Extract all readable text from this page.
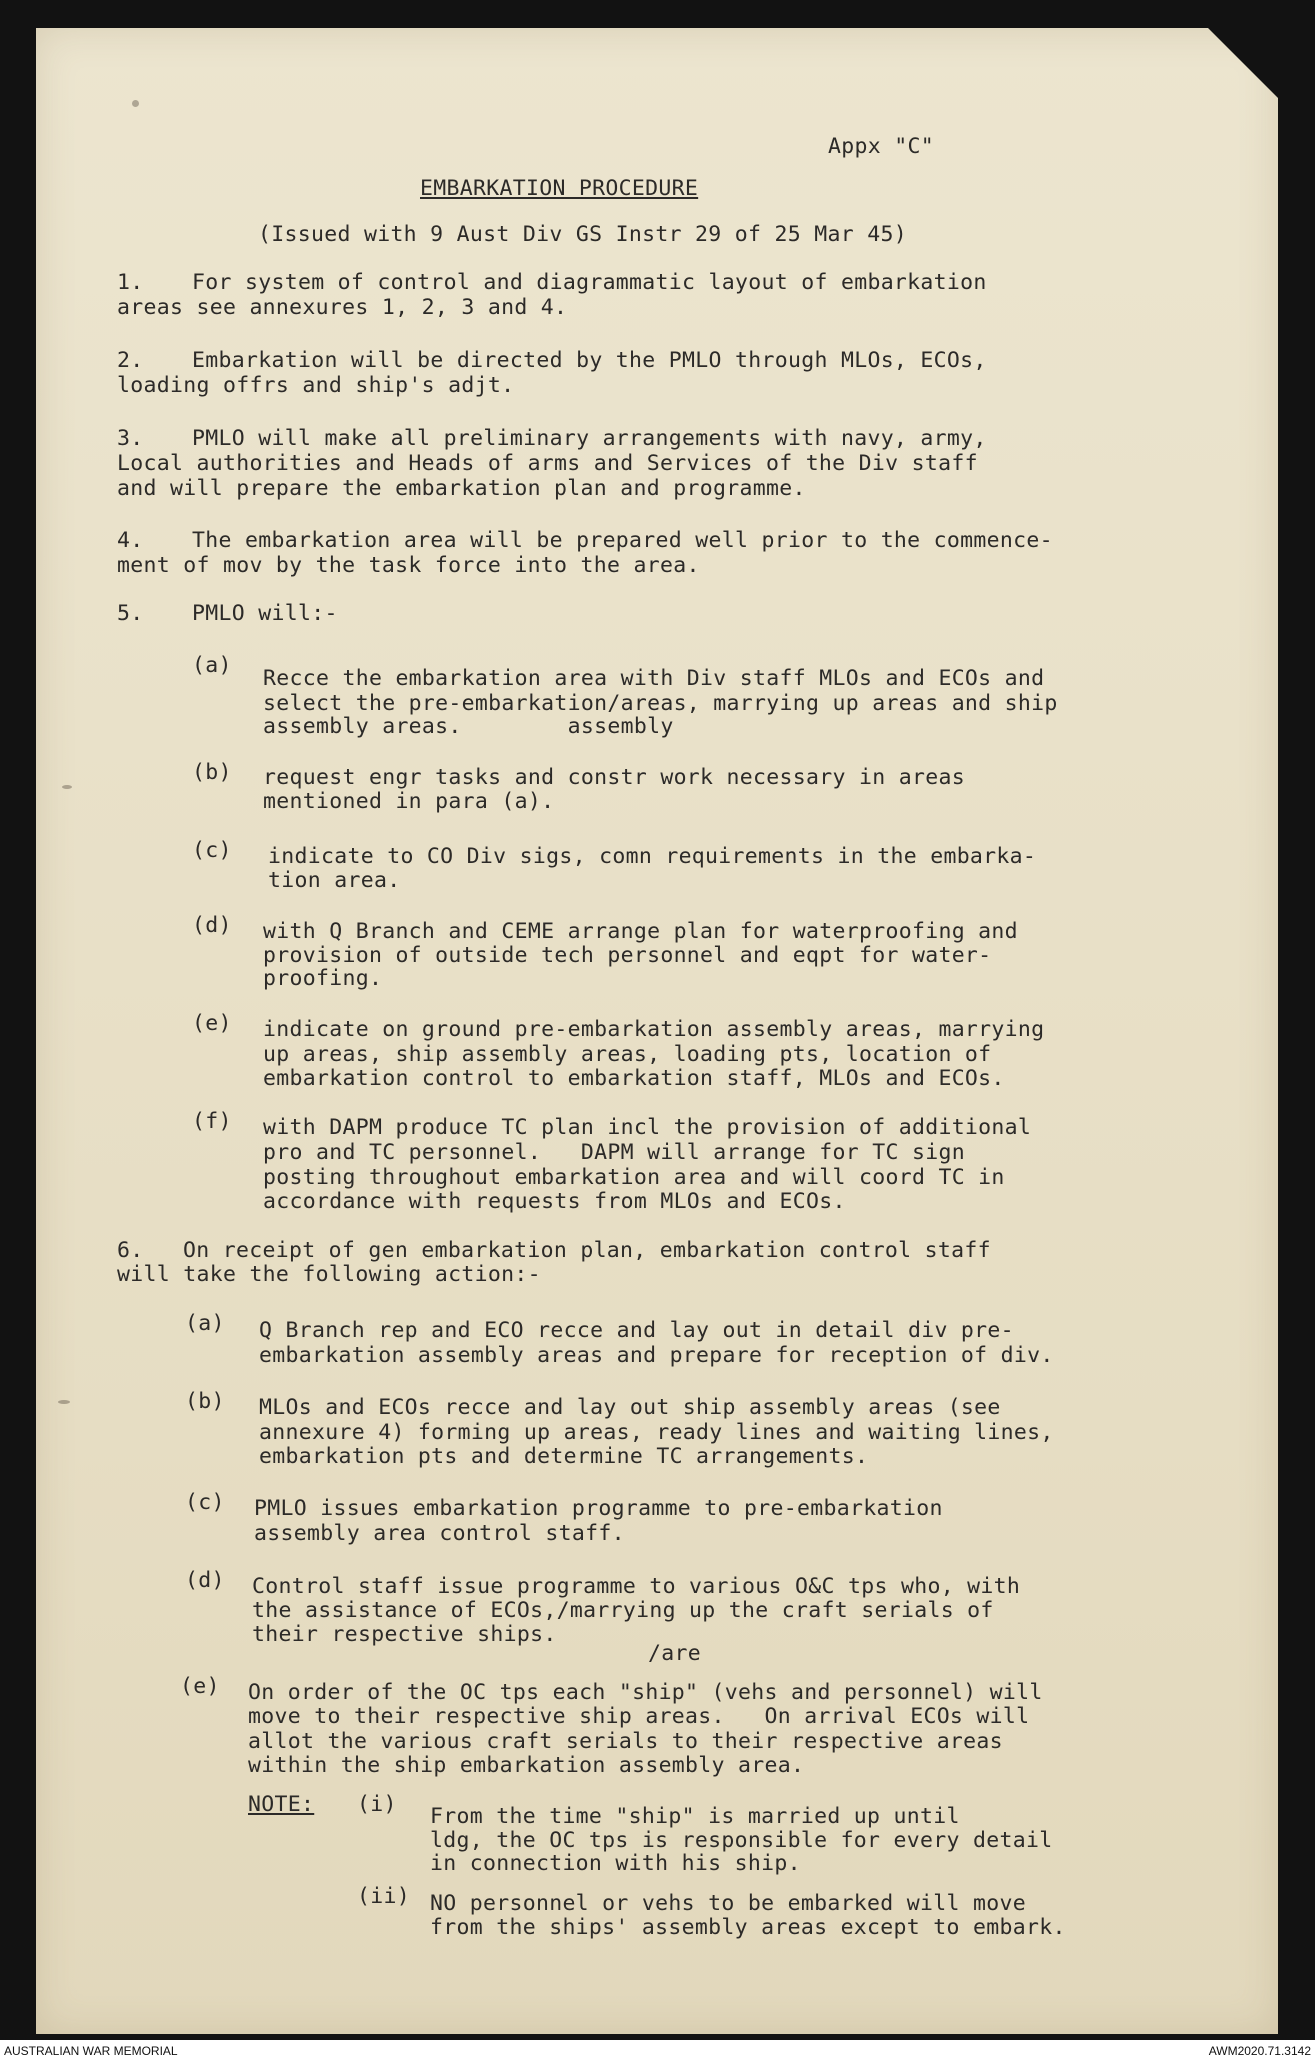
Appx "C"
EMBARKATION PROCEDURE
(Issued with 9 Aust Div GS Instr 29 of 25 Mar 45)
1. For system of control and diagrammatic layout of embarkation
areas see annexures 1, 2, 3 and 4.
2. Embarkation will be directed by the PMLO through MLOs, ECOs,
loading offrs and ship's adjt.
3. PMLO will make all preliminary arrangements with navy, army,
Local authorities and Heads of arms and Services of the Div staff
and will prepare the embarkation plan and programme.
4. The embarkation area will be prepared well prior to the commence-
ment of mov by the task force into the area.
5. PMLO will:-
(a)
Recce the embarkation area with Div staff MLOs and ECOs and
select the pre-embarkation/areas, marrying up areas and ship
assembly areas.        assembly
(b) request engr tasks and constr work necessary in areas
mentioned in para (a).
(c) indicate to CO Div sigs, comn requirements in the embarka-
tion area.
(d) with Q Branch and CEME arrange plan for waterproofing and
provision of outside tech personnel and eqpt for water-
proofing.
(e) indicate on ground pre-embarkation assembly areas, marrying
up areas, ship assembly areas, loading pts, location of
embarkation control to embarkation staff, MLOs and ECOs.
(f) with DAPM produce TC plan incl the provision of additional
pro and TC personnel.   DAPM will arrange for TC sign
posting throughout embarkation area and will coord TC in
accordance with requests from MLOs and ECOs.
6. On receipt of gen embarkation plan, embarkation control staff
will take the following action:-
(a) Q Branch rep and ECO recce and lay out in detail div pre-
embarkation assembly areas and prepare for reception of div.
(b) MLOs and ECOs recce and lay out ship assembly areas (see
annexure 4) forming up areas, ready lines and waiting lines,
embarkation pts and determine TC arrangements.
(c) PMLO issues embarkation programme to pre-embarkation
assembly area control staff.
(d) Control staff issue programme to various O&C tps who, with
the assistance of ECOs,/marrying up the craft serials of
their respective ships.
/are
(e) On order of the OC tps each "ship" (vehs and personnel) will
move to their respective ship areas.   On arrival ECOs will
allot the various craft serials to their respective areas
within the ship embarkation assembly area.
NOTE: (i) From the time "ship" is married up until
ldg, the OC tps is responsible for every detail
in connection with his ship.
(ii) NO personnel or vehs to be embarked will move
from the ships' assembly areas except to embark.
AUSTRALIAN WAR MEMORIAL	AWM2020.71.3142
